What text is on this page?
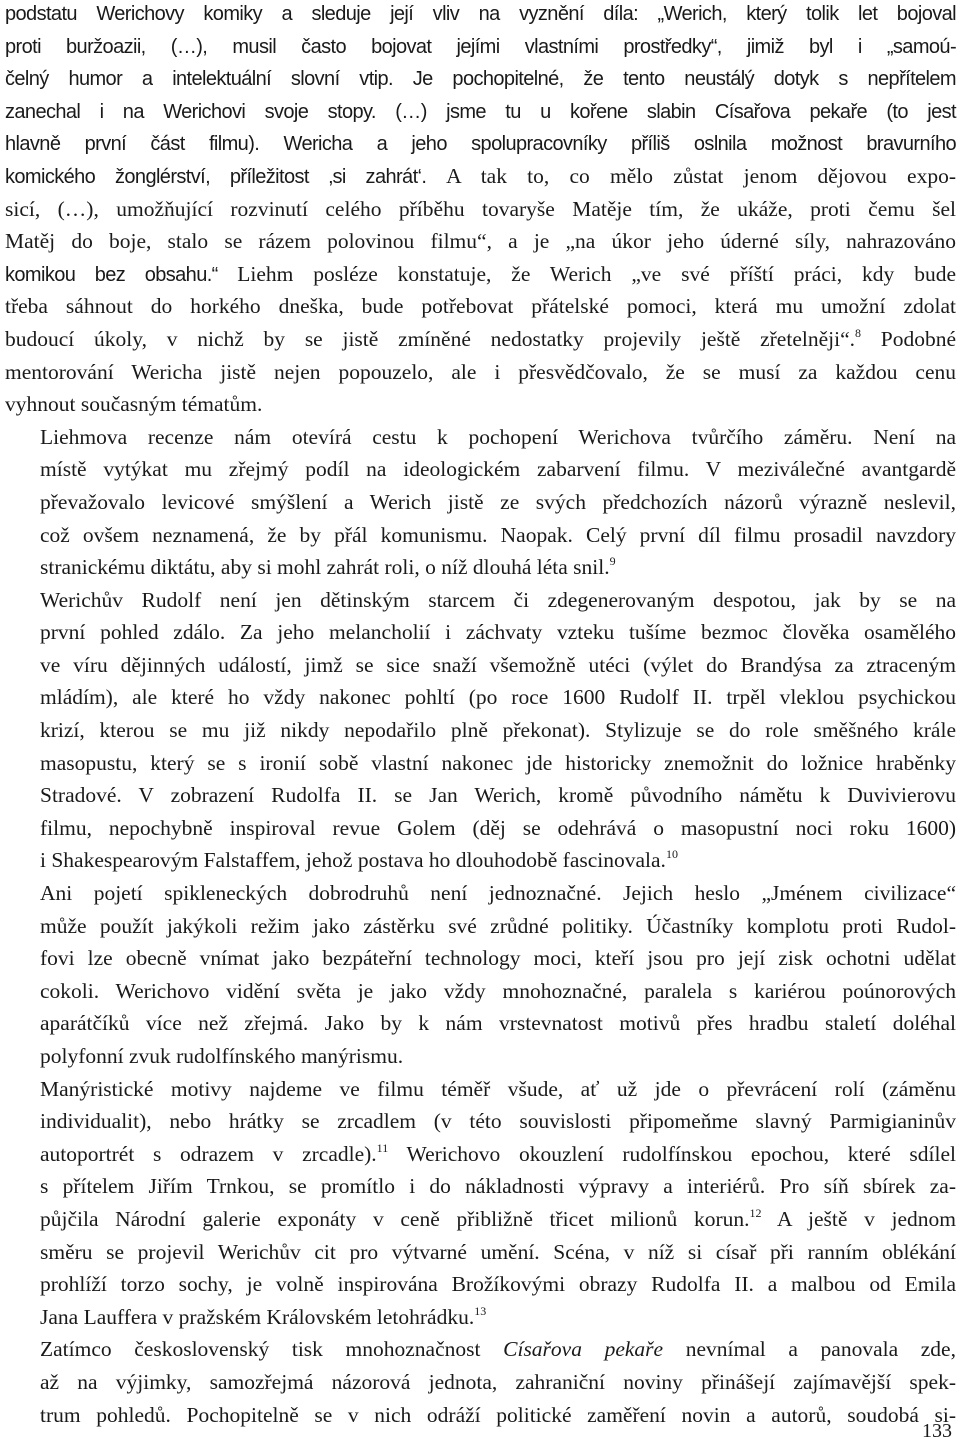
podstatu Werichovy komiky a sleduje její vliv na vyznění díla: „Werich, který tolik let bojoval
proti buržoazii, (…), musil často bojovat jejími vlastními prostředky“, jimiž byl i „samoú-
čelný humor a intelektuální slovní vtip. Je pochopitelné, že tento neustálý dotyk s nepřítelem
zanechal i na Werichovi svoje stopy. (…) jsme tu u kořene slabin Císařova pekaře (to jest
hlavně první část filmu). Wericha a jeho spolupracovníky příliš oslnila možnost bravurního
komického žonglérství, příležitost ‚si zahrát‘. A tak to, co mělo zůstat jenom dějovou expo-
sicí, (…), umožňující rozvinutí celého příběhu tovaryše Matěje tím, že ukáže, proti čemu šel
Matěj do boje, stalo se rázem polovinou filmu“, a je „na úkor jeho úderné síly, nahrazováno
komikou bez obsahu.“ Liehm posléze konstatuje, že Werich „ve své příští práci, kdy bude
třeba sáhnout do horkého dneška, bude potřebovat přátelské pomoci, která mu umožní zdolat
budoucí úkoly, v nichž by se jistě zmíněné nedostatky projevily ještě zřetelněji“.$^8$ Podobné
mentorování Wericha jistě nejen popouzelo, ale i přesvědčovalo, že se musí za každou cenu
vyhnout současným tématům.
Liehmova recenze nám otevírá cestu k pochopení Werichova tvůrčího záměru. Není na
místě vytýkat mu zřejmý podíl na ideologickém zabarvení filmu. V meziválečné avantgardě
převažovalo levicové smýšlení a Werich jistě ze svých předchozích názorů výrazně neslevil,
což ovšem neznamená, že by přál komunismu. Naopak. Celý první díl filmu prosadil navzdory
stranickému diktátu, aby si mohl zahrát roli, o níž dlouhá léta snil.$^9$
Werichův Rudolf není jen dětinským starcem či zdegenerovaným despotou, jak by se na
první pohled zdálo. Za jeho melancholií i záchvaty vzteku tušíme bezmoc člověka osamělého
ve víru dějinných událostí, jimž se sice snaží všemožně utéci (výlet do Brandýsa za ztraceným
mládím), ale které ho vždy nakonec pohltí (po roce 1600 Rudolf II. trpěl vleklou psychickou
krizí, kterou se mu již nikdy nepodařilo plně překonat). Stylizuje se do role směšného krále
masopustu, který se s ironií sobě vlastní nakonec jde historicky znemožnit do ložnice hraběnky
Stradové. V zobrazení Rudolfa II. se Jan Werich, kromě původního námětu k Duvivierovu
filmu, nepochybně inspiroval revue Golem (děj se odehrává o masopustní noci roku 1600)
i Shakespearovým Falstaffem, jehož postava ho dlouhodobě fascinovala.$^{10}$
Ani pojetí spikleneckých dobrodruhů není jednoznačné. Jejich heslo „Jménem civilizace“
může použít jakýkoli režim jako zástěrku své zrůdné politiky. Účastníky komplotu proti Rudol-
fovi lze obecně vnímat jako bezpáteřní technology moci, kteří jsou pro její zisk ochotni udělat
cokoli. Werichovo vidění světa je jako vždy mnohoznačné, paralela s kariérou poúnorových
aparátčíků více než zřejmá. Jako by k nám vrstevnatost motivů přes hradbu staletí doléhal
polyfonní zvuk rudolfínského manýrismu.
Manýristické motivy najdeme ve filmu téměř všude, ať už jde o převrácení rolí (záměnu
individualit), nebo hrátky se zrcadlem (v této souvislosti připomeňme slavný Parmigianinův
autoportrét s odrazem v zrcadle).$^{11}$ Werichovo okouzlení rudolfínskou epochou, které sdílel
s přítelem Jiřím Trnkou, se promítlo i do nákladnosti výpravy a interiérů. Pro síň sbírek za-
půjčila Národní galerie exponáty v ceně přibližně třicet milionů korun.$^{12}$ A ještě v jednom
směru se projevil Werichův cit pro výtvarné umění. Scéna, v níž si císař při ranním oblékání
prohlíží torzo sochy, je volně inspirována Brožíkovými obrazy Rudolfa II. a malbou od Emila
Jana Lauffera v pražském Královském letohrádku.$^{13}$
Zatímco československý tisk mnohoznačnost Císařova pekaře nevnímal a panovala zde,
až na výjimky, samozřejmá názorová jednota, zahraniční noviny přinášejí zajímavější spek-
trum pohledů. Pochopitelně se v nich odráží politické zaměření novin a autorů, soudobá si-
133
